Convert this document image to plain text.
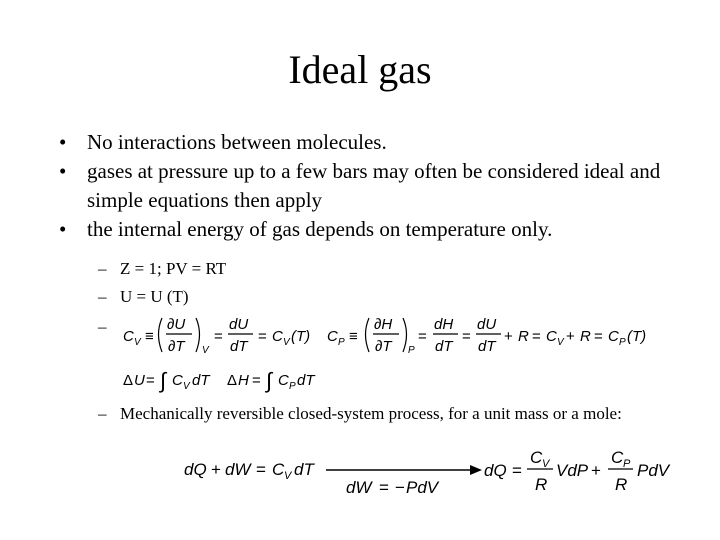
Ideal gas
• No interactions between molecules.
• gases at pressure up to a few bars may often be considered ideal and simple equations then apply
• the internal energy of gas depends on temperature only.
– Z = 1; PV = RT
– U = U (T)
–
C V ≡
∂U
∂T V
=
dU
dT
= C V (T) C P ≡
∂H
∂T P
=
dH
dT
=
dU
dT
+ R = C V + R = C P (T)
Δ U = ∫ C V dT Δ H = ∫ C P dT
dQ + dW = C V dT
dW = − PdV
dQ =
C V
R
VdP +
C P
R
PdV
– Mechanically reversible closed-system process, for a unit mass or a mole:
